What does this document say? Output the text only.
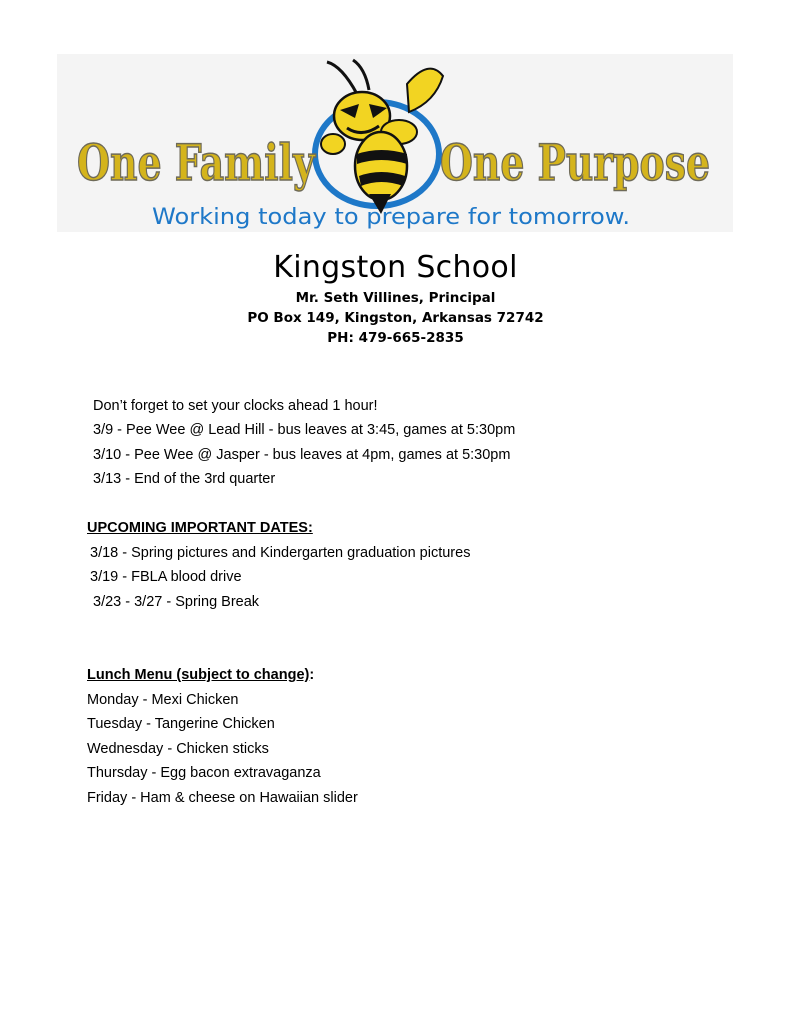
One Family One Purpose
Working today to prepare for tomorrow.
Kingston School
Mr. Seth Villines, Principal
PO Box 149, Kingston, Arkansas 72742
PH: 479-665-2835
Don’t forget to set your clocks ahead 1 hour!
3/9 - Pee Wee @ Lead Hill - bus leaves at 3:45, games at 5:30pm
3/10 - Pee Wee @ Jasper - bus leaves at 4pm, games at 5:30pm
3/13 - End of the 3rd quarter
UPCOMING IMPORTANT DATES:
3/18 - Spring pictures and Kindergarten graduation pictures
3/19 - FBLA blood drive
3/23 - 3/27 - Spring Break
Lunch Menu (subject to change):
Monday - Mexi Chicken
Tuesday - Tangerine Chicken
Wednesday - Chicken sticks
Thursday - Egg bacon extravaganza
Friday - Ham & cheese on Hawaiian slider
